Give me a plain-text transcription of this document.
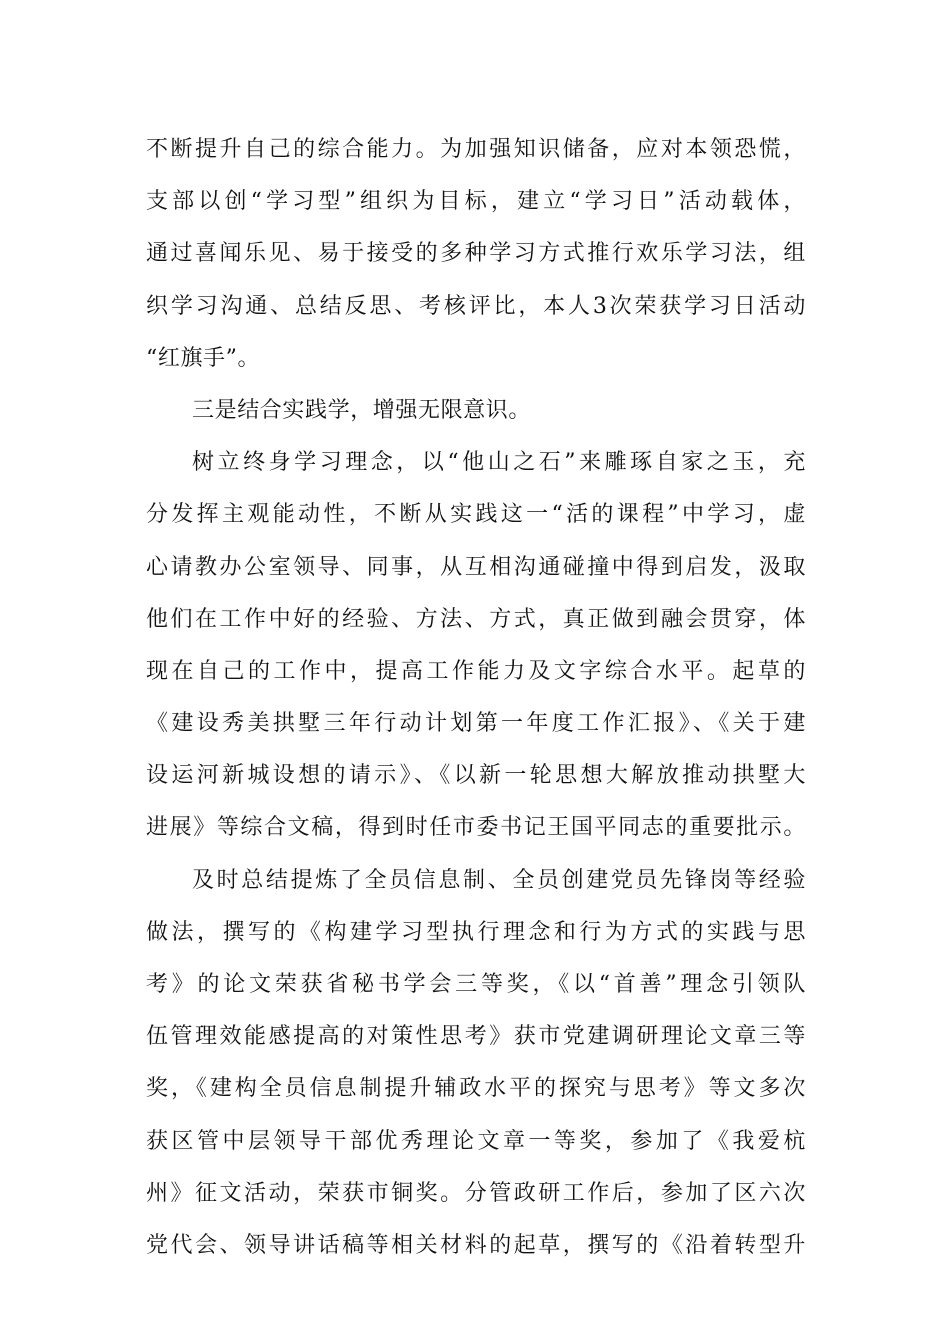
不断提升自己的综合能力。为加强知识储备，应对本领恐慌，
支部以创“学习型”组织为目标，建立“学习日”活动载体，
通过喜闻乐见、易于接受的多种学习方式推行欢乐学习法，组
织学习沟通、总结反思、考核评比，本人3次荣获学习日活动
“红旗手”。
三是结合实践学，增强无限意识。
树立终身学习理念，以“他山之石”来雕琢自家之玉，充
分发挥主观能动性，不断从实践这一“活的课程”中学习，虚
心请教办公室领导、同事，从互相沟通碰撞中得到启发，汲取
他们在工作中好的经验、方法、方式，真正做到融会贯穿，体
现在自己的工作中，提高工作能力及文字综合水平。起草的
《建设秀美拱墅三年行动计划第一年度工作汇报》、《关于建
设运河新城设想的请示》、《以新一轮思想大解放推动拱墅大
进展》等综合文稿，得到时任市委书记王国平同志的重要批示。
及时总结提炼了全员信息制、全员创建党员先锋岗等经验
做法，撰写的《构建学习型执行理念和行为方式的实践与思
考》的论文荣获省秘书学会三等奖，《以“首善”理念引领队
伍管理效能感提高的对策性思考》获市党建调研理论文章三等
奖，《建构全员信息制提升辅政水平的探究与思考》等文多次
获区管中层领导干部优秀理论文章一等奖，参加了《我爱杭
州》征文活动，荣获市铜奖。分管政研工作后，参加了区六次
党代会、领导讲话稿等相关材料的起草，撰写的《沿着转型升
